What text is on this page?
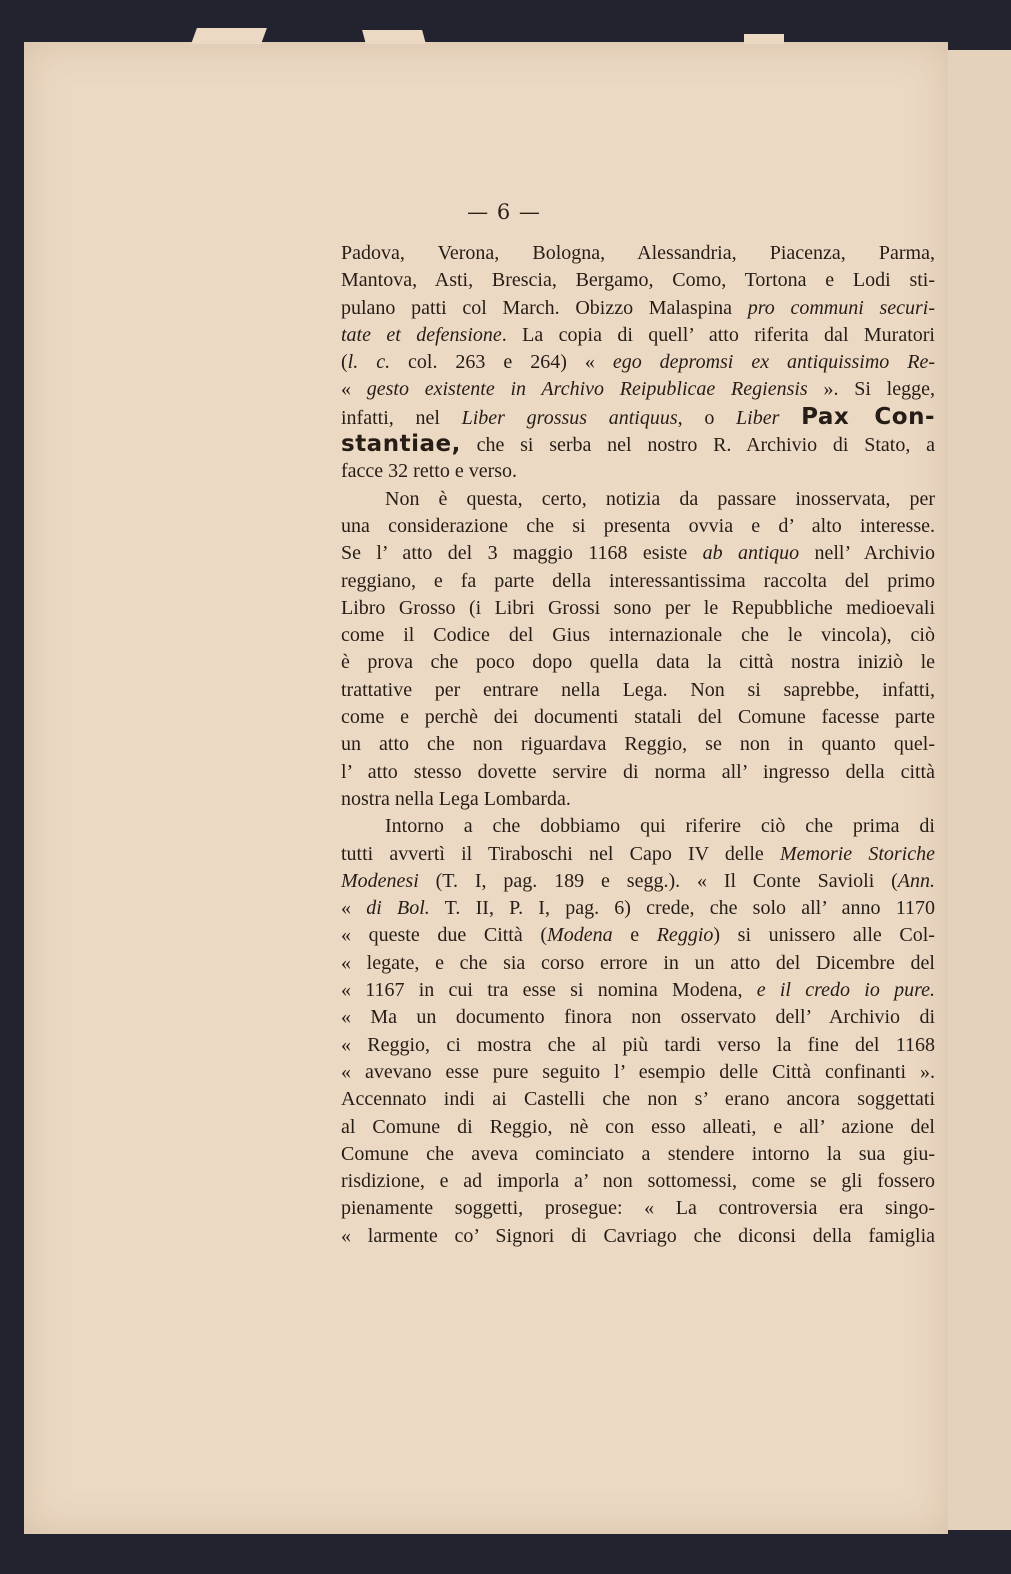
— 6 —
Padova, Verona, Bologna, Alessandria, Piacenza, Parma,
Mantova, Asti, Brescia, Bergamo, Como, Tortona e Lodi sti-
pulano patti col March. Obizzo Malaspina pro communi securi-
tate et defensione. La copia di quell’ atto riferita dal Muratori
(l. c. col. 263 e 264) « ego depromsi ex antiquissimo Re-
« gesto existente in Archivo Reipublicae Regiensis ». Si legge,
infatti, nel Liber grossus antiquus, o Liber Pax Con-
stantiae, che si serba nel nostro R. Archivio di Stato, a
facce 32 retto e verso.
Non è questa, certo, notizia da passare inosservata, per
una considerazione che si presenta ovvia e d’ alto interesse.
Se l’ atto del 3 maggio 1168 esiste ab antiquo nell’ Archivio
reggiano, e fa parte della interessantissima raccolta del primo
Libro Grosso (i Libri Grossi sono per le Repubbliche medioevali
come il Codice del Gius internazionale che le vincola), ciò
è prova che poco dopo quella data la città nostra iniziò le
trattative per entrare nella Lega. Non si saprebbe, infatti,
come e perchè dei documenti statali del Comune facesse parte
un atto che non riguardava Reggio, se non in quanto quel-
l’ atto stesso dovette servire di norma all’ ingresso della città
nostra nella Lega Lombarda.
Intorno a che dobbiamo qui riferire ciò che prima di
tutti avvertì il Tiraboschi nel Capo IV delle Memorie Storiche
Modenesi (T. I, pag. 189 e segg.). « Il Conte Savioli (Ann.
« di Bol. T. II, P. I, pag. 6) crede, che solo all’ anno 1170
« queste due Città (Modena e Reggio) si unissero alle Col-
« legate, e che sia corso errore in un atto del Dicembre del
« 1167 in cui tra esse si nomina Modena, e il credo io pure.
« Ma un documento finora non osservato dell’ Archivio di
« Reggio, ci mostra che al più tardi verso la fine del 1168
« avevano esse pure seguito l’ esempio delle Città confinanti ».
Accennato indi ai Castelli che non s’ erano ancora soggettati
al Comune di Reggio, nè con esso alleati, e all’ azione del
Comune che aveva cominciato a stendere intorno la sua giu-
risdizione, e ad imporla a’ non sottomessi, come se gli fossero
pienamente soggetti, prosegue: « La controversia era singo-
« larmente co’ Signori di Cavriago che diconsi della famiglia
